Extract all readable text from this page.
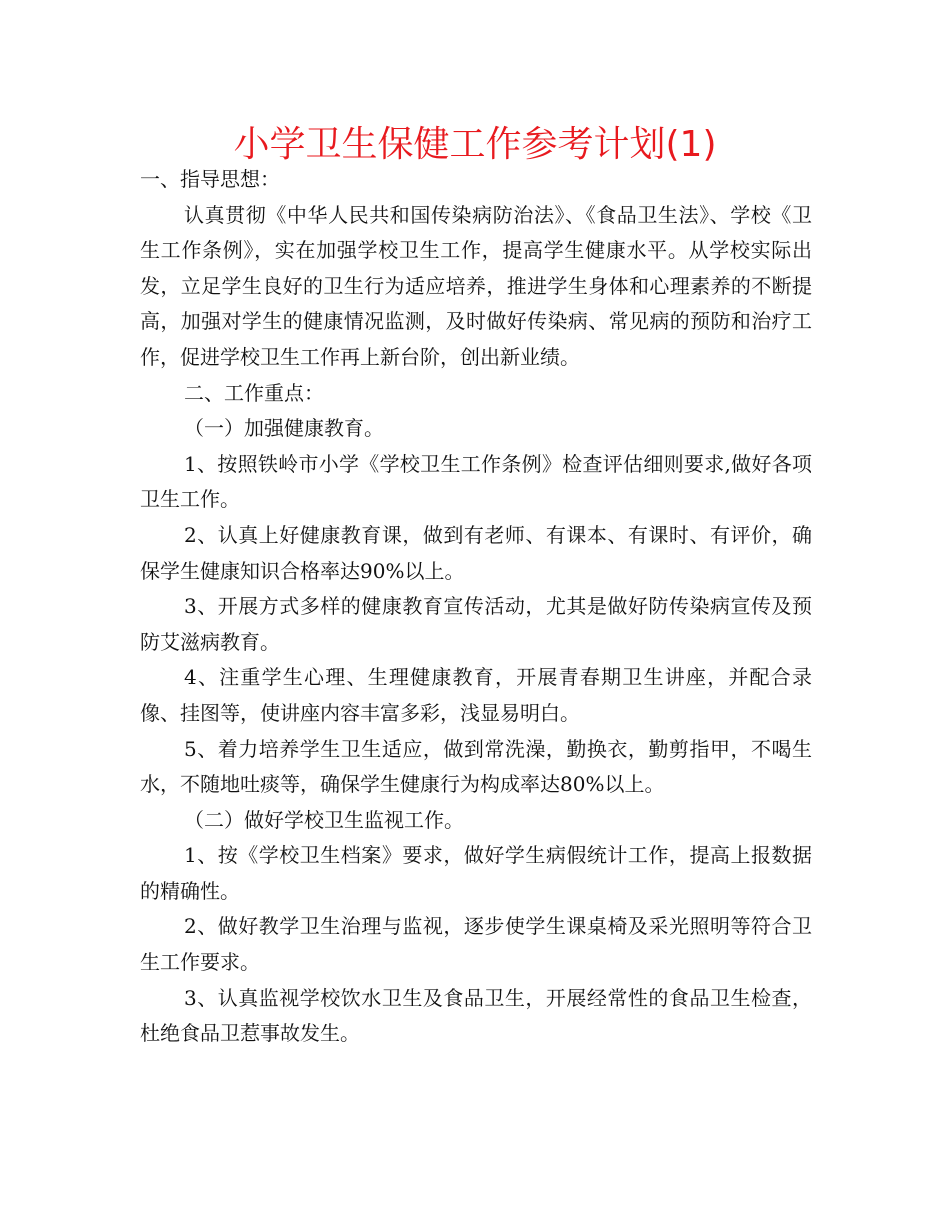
小学卫生保健工作参考计划(1)

一、指导思想：

认真贯彻《中华人民共和国传染病防治法》、《食品卫生法》、学校《卫生工作条例》，实在加强学校卫生工作，提高学生健康水平。从学校实际出发，立足学生良好的卫生行为适应培养，推进学生身体和心理素养的不断提高，加强对学生的健康情况监测，及时做好传染病、常见病的预防和治疗工作，促进学校卫生工作再上新台阶，创出新业绩。

二、工作重点：

（一）加强健康教育。

1、按照铁岭市小学《学校卫生工作条例》检查评估细则要求,做好各项卫生工作。

2、认真上好健康教育课，做到有老师、有课本、有课时、有评价，确保学生健康知识合格率达90%以上。

3、开展方式多样的健康教育宣传活动，尤其是做好防传染病宣传及预防艾滋病教育。

4、注重学生心理、生理健康教育，开展青春期卫生讲座，并配合录像、挂图等，使讲座内容丰富多彩，浅显易明白。

5、着力培养学生卫生适应，做到常洗澡，勤换衣，勤剪指甲，不喝生水，不随地吐痰等，确保学生健康行为构成率达80%以上。

（二）做好学校卫生监视工作。

1、按《学校卫生档案》要求，做好学生病假统计工作，提高上报数据的精确性。

2、做好教学卫生治理与监视，逐步使学生课桌椅及采光照明等符合卫生工作要求。

3、认真监视学校饮水卫生及食品卫生，开展经常性的食品卫生检查，杜绝食品卫惹事故发生。
